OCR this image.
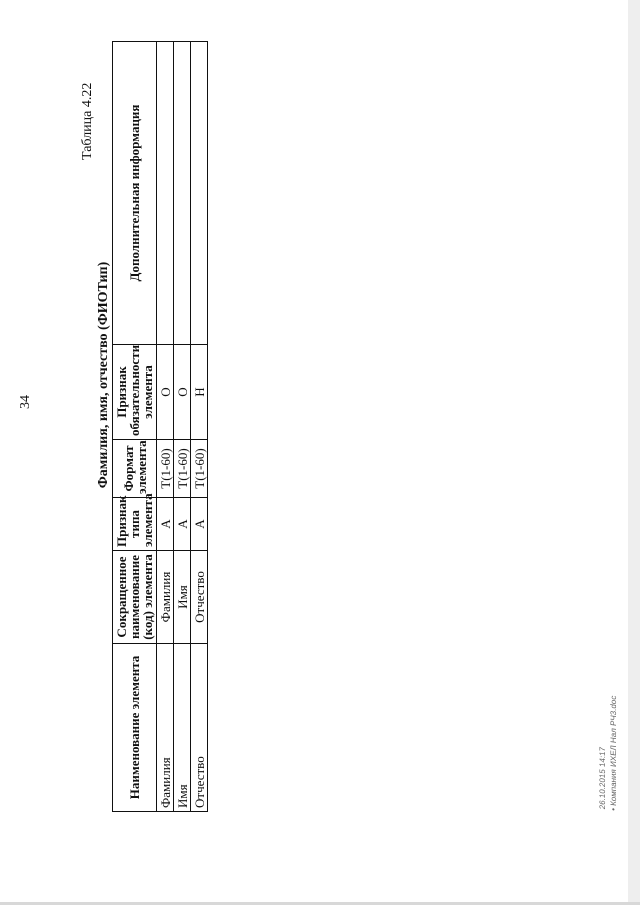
34
Таблица 4.22
Фамилия, имя, отчество (ФИОТип)
Наименование элемента	Сокращенное наименование (код) элемента	Признак типа элемента	Формат элемента	Признак обязательности элемента	Дополнительная информация
Фамилия	Фамилия	А	Т(1-60)	О	
Имя	Имя	А	Т(1-60)	О	
Отчество	Отчество	А	Т(1-60)	Н	
26.10.2015 14:17 • Компания ИХЕЛ Нал РЧ3.doc
